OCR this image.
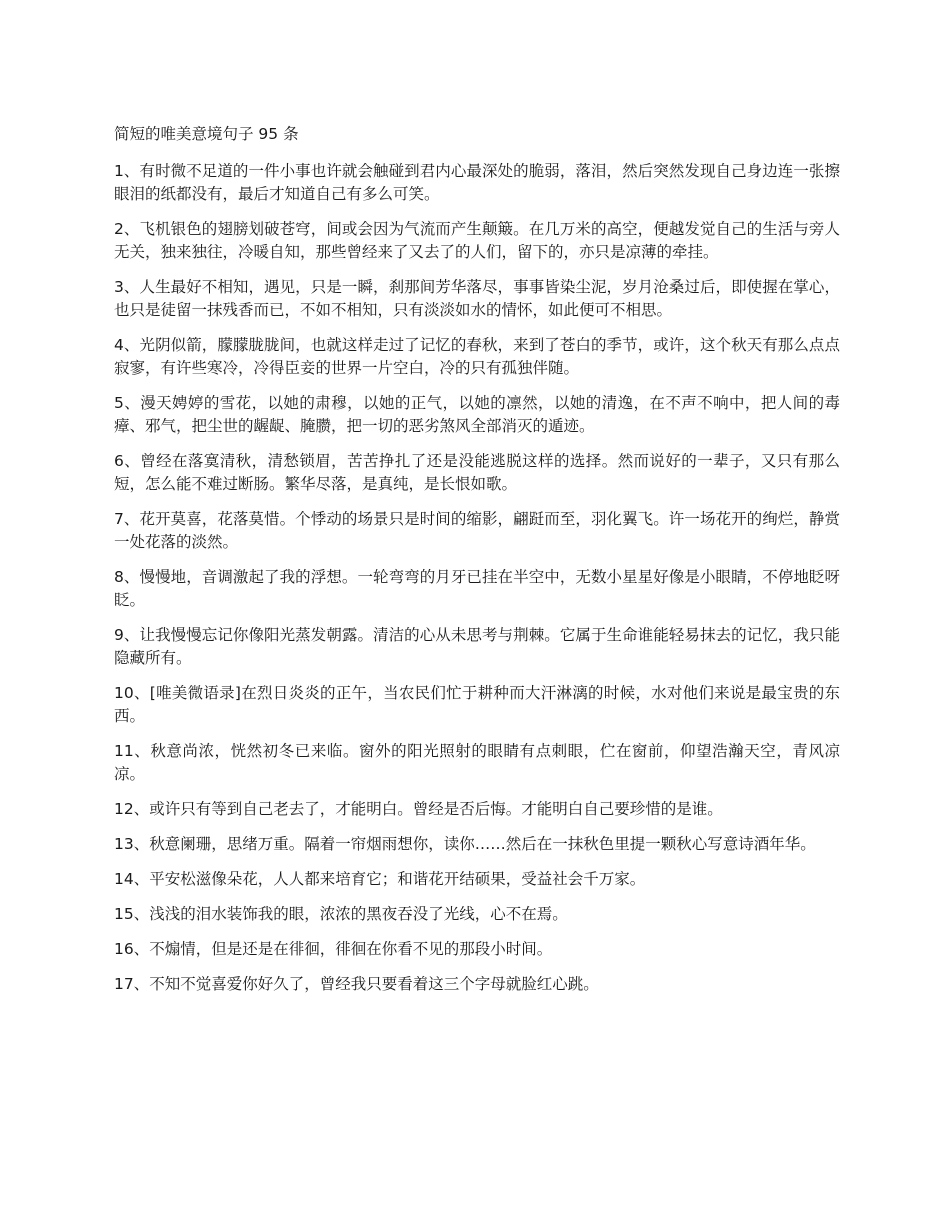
简短的唯美意境句子 95 条

1、有时微不足道的一件小事也许就会触碰到君内心最深处的脆弱，落泪，然后突然发现自己身边连一张擦眼泪的纸都没有，最后才知道自己有多么可笑。

2、飞机银色的翅膀划破苍穹，间或会因为气流而产生颠簸。在几万米的高空，便越发觉自己的生活与旁人无关，独来独往，冷暖自知，那些曾经来了又去了的人们，留下的，亦只是凉薄的牵挂。

3、人生最好不相知，遇见，只是一瞬，刹那间芳华落尽，事事皆染尘泥，岁月沧桑过后，即使握在掌心，也只是徒留一抹残香而已，不如不相知，只有淡淡如水的情怀，如此便可不相思。

4、光阴似箭，朦朦胧胧间，也就这样走过了记忆的春秋，来到了苍白的季节，或许，这个秋天有那么点点寂寥，有许些寒冷，冷得臣妾的世界一片空白，冷的只有孤独伴随。

5、漫天娉婷的雪花，以她的肃穆，以她的正气，以她的凛然，以她的清逸，在不声不响中，把人间的毒瘴、邪气，把尘世的龌龊、腌臜，把一切的恶劣煞风全部消灭的遁迹。

6、曾经在落寞清秋，清愁锁眉，苦苦挣扎了还是没能逃脱这样的选择。然而说好的一辈子，又只有那么短，怎么能不难过断肠。繁华尽落，是真纯，是长恨如歌。

7、花开莫喜，花落莫惜。个悸动的场景只是时间的缩影，翩跹而至，羽化翼飞。许一场花开的绚烂，静赏一处花落的淡然。

8、慢慢地，音调激起了我的浮想。一轮弯弯的月牙已挂在半空中，无数小星星好像是小眼睛，不停地眨呀眨。

9、让我慢慢忘记你像阳光蒸发朝露。清洁的心从未思考与荆棘。它属于生命谁能轻易抹去的记忆，我只能隐藏所有。

10、[唯美微语录]在烈日炎炎的正午，当农民们忙于耕种而大汗淋漓的时候，水对他们来说是最宝贵的东西。

11、秋意尚浓，恍然初冬已来临。窗外的阳光照射的眼睛有点刺眼，伫在窗前，仰望浩瀚天空，青风凉凉。

12、或许只有等到自己老去了，才能明白。曾经是否后悔。才能明白自己要珍惜的是谁。

13、秋意阑珊，思绪万重。隔着一帘烟雨想你，读你……然后在一抹秋色里提一颗秋心写意诗酒年华。

14、平安松滋像朵花，人人都来培育它；和谐花开结硕果，受益社会千万家。

15、浅浅的泪水装饰我的眼，浓浓的黑夜吞没了光线，心不在焉。

16、不煽情，但是还是在徘徊，徘徊在你看不见的那段小时间。

17、不知不觉喜爱你好久了，曾经我只要看着这三个字母就脸红心跳。
